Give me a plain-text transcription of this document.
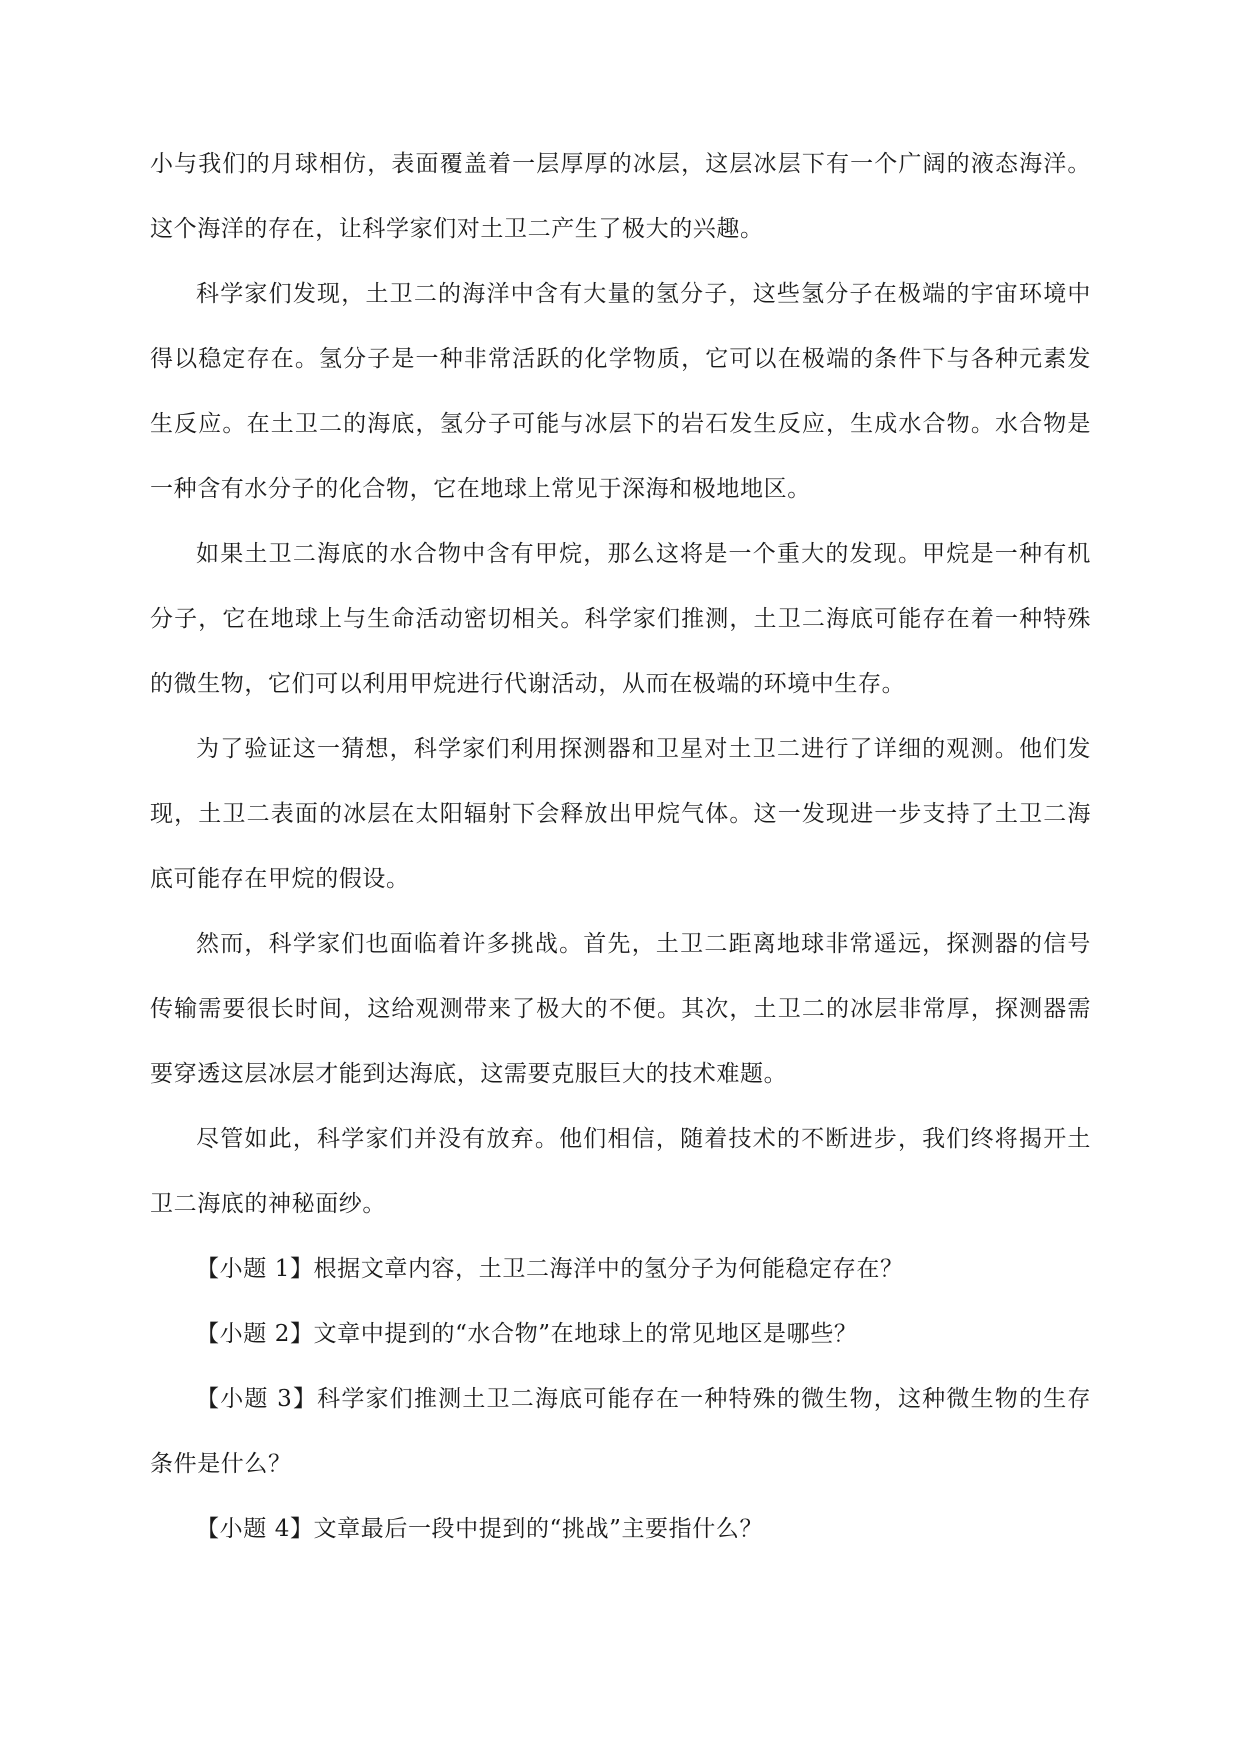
小与我们的月球相仿，表面覆盖着一层厚厚的冰层，这层冰层下有一个广阔的液态海洋。这个海洋的存在，让科学家们对土卫二产生了极大的兴趣。

科学家们发现，土卫二的海洋中含有大量的氢分子，这些氢分子在极端的宇宙环境中得以稳定存在。氢分子是一种非常活跃的化学物质，它可以在极端的条件下与各种元素发生反应。在土卫二的海底，氢分子可能与冰层下的岩石发生反应，生成水合物。水合物是一种含有水分子的化合物，它在地球上常见于深海和极地地区。

如果土卫二海底的水合物中含有甲烷，那么这将是一个重大的发现。甲烷是一种有机分子，它在地球上与生命活动密切相关。科学家们推测，土卫二海底可能存在着一种特殊的微生物，它们可以利用甲烷进行代谢活动，从而在极端的环境中生存。

为了验证这一猜想，科学家们利用探测器和卫星对土卫二进行了详细的观测。他们发现，土卫二表面的冰层在太阳辐射下会释放出甲烷气体。这一发现进一步支持了土卫二海底可能存在甲烷的假设。

然而，科学家们也面临着许多挑战。首先，土卫二距离地球非常遥远，探测器的信号传输需要很长时间，这给观测带来了极大的不便。其次，土卫二的冰层非常厚，探测器需要穿透这层冰层才能到达海底，这需要克服巨大的技术难题。

尽管如此，科学家们并没有放弃。他们相信，随着技术的不断进步，我们终将揭开土卫二海底的神秘面纱。

【小题 1】根据文章内容，土卫二海洋中的氢分子为何能稳定存在？

【小题 2】文章中提到的“水合物”在地球上的常见地区是哪些？

【小题 3】科学家们推测土卫二海底可能存在一种特殊的微生物，这种微生物的生存条件是什么？

【小题 4】文章最后一段中提到的“挑战”主要指什么？
